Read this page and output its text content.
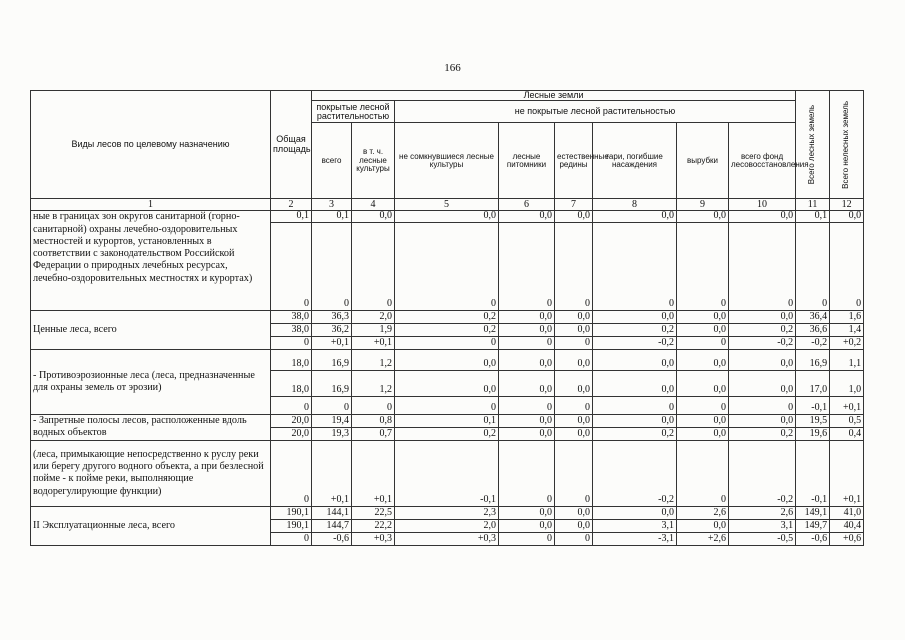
166
Виды лесов по целевому назначению	Общая площадь	Лесные земли								Всего лесных земель	Всего нелесных земель

		покрытые лесной растительностью		не покрытые лесной растительностью							
		всего	в т. ч. лесные культуры	не сомкнувшиеся лесные культуры	лесные питомники	естественные редины	гари, погибшие насаждения	вырубки	всего фонд лесовосстановления		
1	2	3	4	5	6	7	8	9	10	11	12
ные в границах зон округов санитарной (горно-санитарной) охраны лечебно-оздоровительных местностей и курортов, установленных в соответствии с законодательством Российской Федерации о природных лечебных ресурсах, лечебно-оздоровительных местностях и курортах)	0,1	0,1	0,0	0,0	0,0	0,0	0,0	0,0	0,0	0,1	0,0
	0	0	0	0	0	0	0	0	0	0	0
Ценные леса, всего	38,0	36,3	2,0	0,2	0,0	0,0	0,0	0,0	0,0	36,4	1,6
	38,0	36,2	1,9	0,2	0,0	0,0	0,2	0,0	0,2	36,6	1,4
	0	+0,1	+0,1	0	0	0	-0,2	0	-0,2	-0,2	+0,2
- Противоэрозионные леса (леса, предназначенные для охраны земель от эрозии)	18,0	16,9	1,2	0,0	0,0	0,0	0,0	0,0	0,0	16,9	1,1
	18,0	16,9	1,2	0,0	0,0	0,0	0,0	0,0	0,0	17,0	1,0
	0	0	0	0	0	0	0	0	0	-0,1	+0,1
- Запретные полосы лесов, расположенные вдоль водных объектов	20,0	19,4	0,8	0,1	0,0	0,0	0,0	0,0	0,0	19,5	0,5
	20,0	19,3	0,7	0,2	0,0	0,0	0,2	0,0	0,2	19,6	0,4
(леса, примыкающие непосредственно к руслу реки или берегу другого водного объекта, а при безлесной пойме - к пойме реки, выполняющие водорегулирующие функции)	0	+0,1	+0,1	-0,1	0	0	-0,2	0	-0,2	-0,1	+0,1
II Эксплуатационные леса, всего	190,1	144,1	22,5	2,3	0,0	0,0	0,0	2,6	2,6	149,1	41,0
	190,1	144,7	22,2	2,0	0,0	0,0	3,1	0,0	3,1	149,7	40,4
	0	-0,6	+0,3	+0,3	0	0	-3,1	+2,6	-0,5	-0,6	+0,6
